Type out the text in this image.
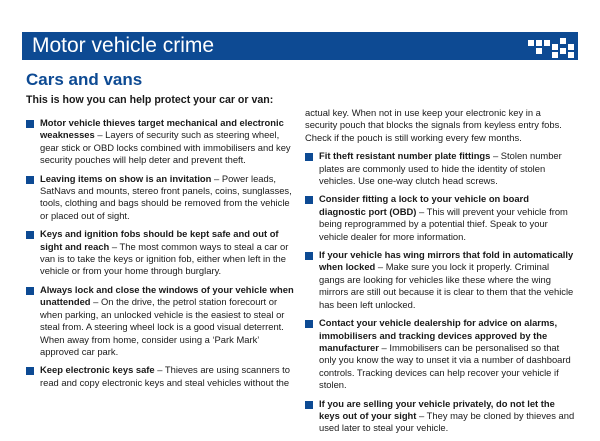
Motor vehicle crime
Cars and vans
This is how you can help protect your car or van:
Motor vehicle thieves target mechanical and electronic weaknesses – Layers of security such as steering wheel, gear stick or OBD locks combined with immobilisers and key security pouches will help deter and prevent theft.
Leaving items on show is an invitation – Power leads, SatNavs and mounts, stereo front panels, coins, sunglasses, tools, clothing and bags should be removed from the vehicle or placed out of sight.
Keys and ignition fobs should be kept safe and out of sight and reach – The most common ways to steal a car or van is to take the keys or ignition fob, either when left in the vehicle or from your home through burglary.
Always lock and close the windows of your vehicle when unattended – On the drive, the petrol station forecourt or when parking, an unlocked vehicle is the easiest to steal or steal from. A steering wheel lock is a good visual deterrent. When away from home, consider using a ‘Park Mark’ approved car park.
Keep electronic keys safe – Thieves are using scanners to read and copy electronic keys and steal vehicles without the
actual key. When not in use keep your electronic key in a security pouch that blocks the signals from keyless entry fobs. Check if the pouch is still working every few months.
Fit theft resistant number plate fittings – Stolen number plates are commonly used to hide the identity of stolen vehicles. Use one-way clutch head screws.
Consider fitting a lock to your vehicle on board diagnostic port (OBD) – This will prevent your vehicle from being reprogrammed by a potential thief. Speak to your vehicle dealer for more information.
If your vehicle has wing mirrors that fold in automatically when locked – Make sure you lock it properly. Criminal gangs are looking for vehicles like these where the wing mirrors are still out because it is clear to them that the vehicle has been left unlocked.
Contact your vehicle dealership for advice on alarms, immobilisers and tracking devices approved by the manufacturer – Immobilisers can be personalised so that only you know the way to unset it via a number of dashboard controls. Tracking devices can help recover your vehicle if stolen.
If you are selling your vehicle privately, do not let the keys out of your sight – They may be cloned by thieves and used later to steal your vehicle.
